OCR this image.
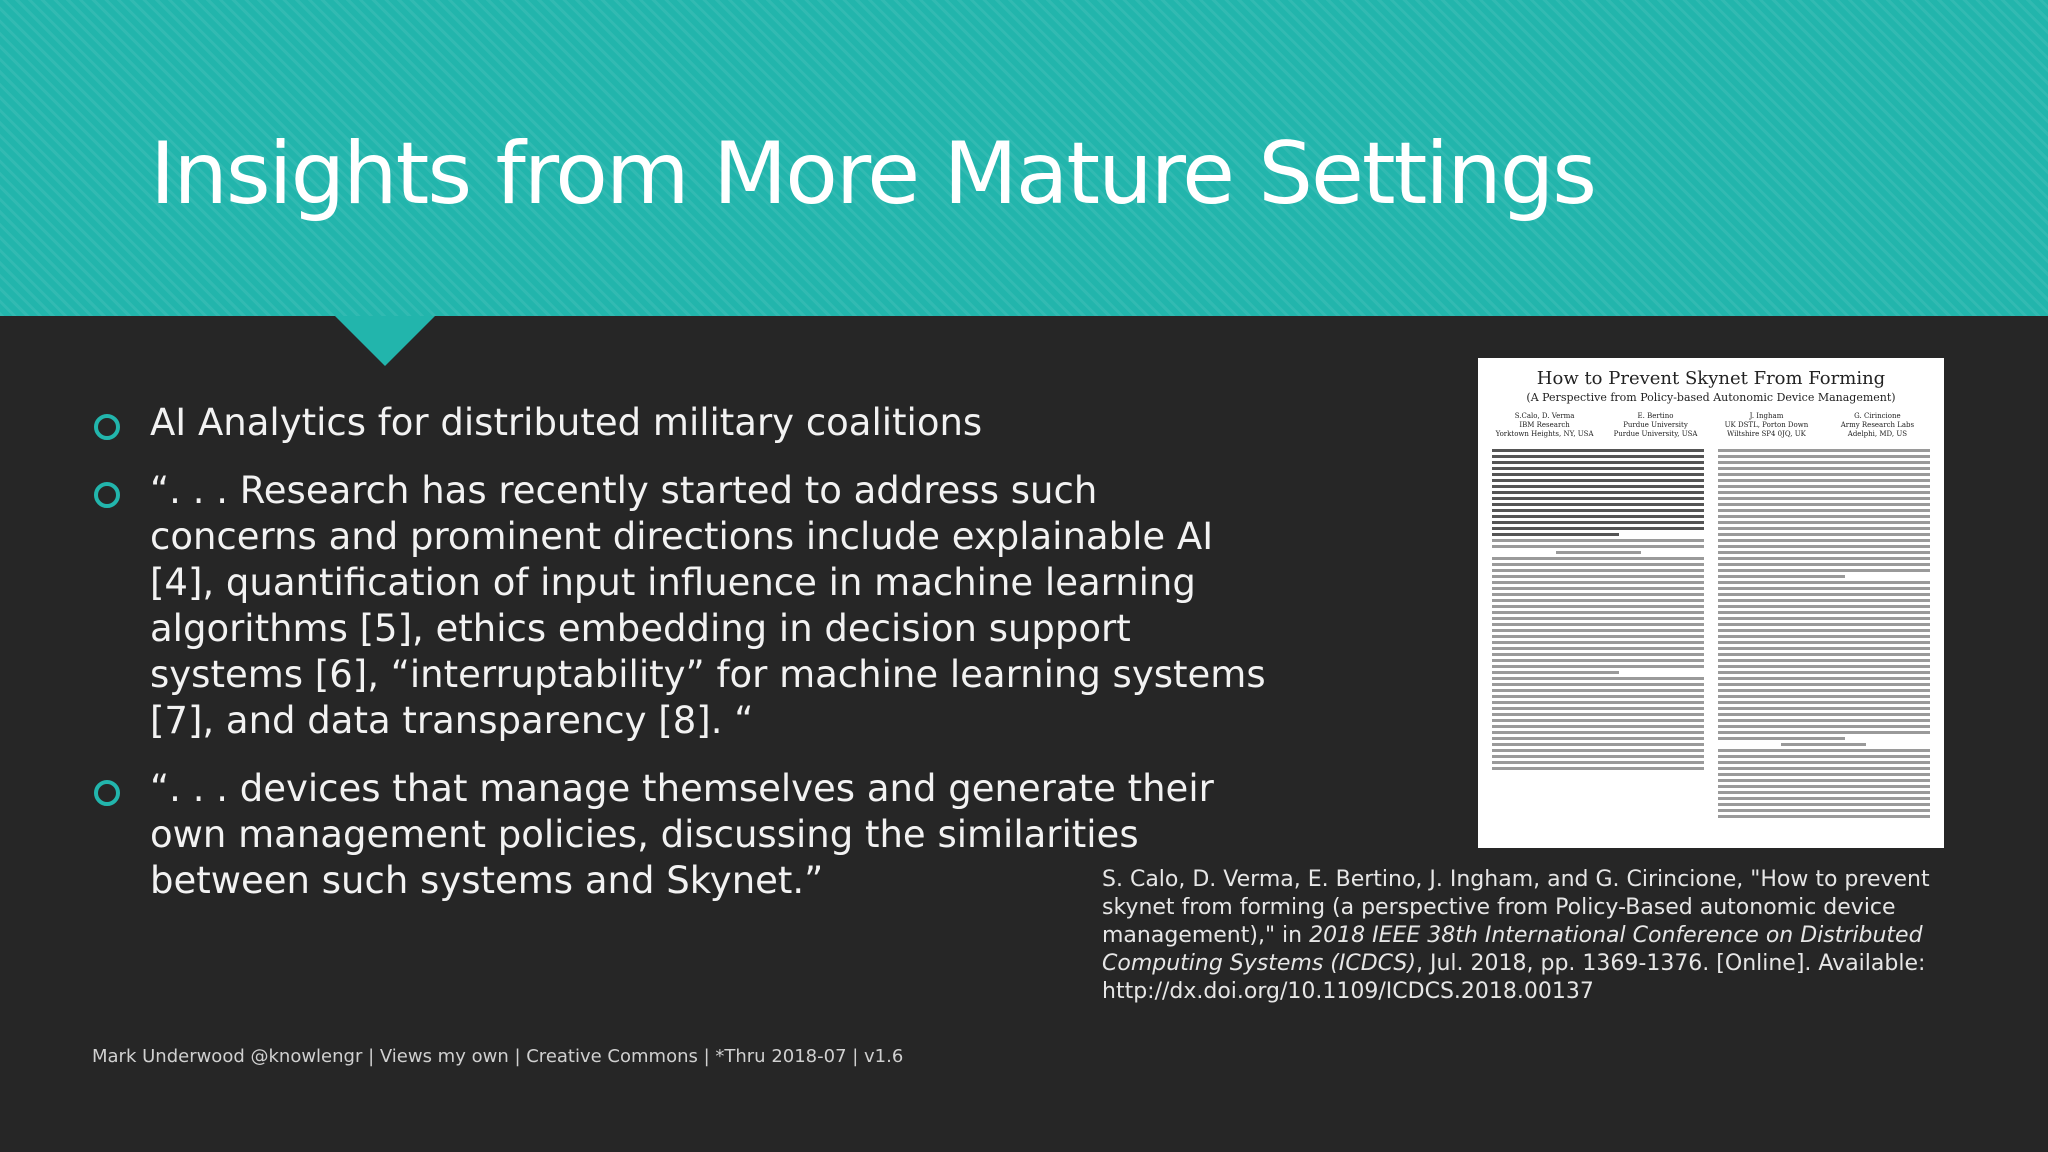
Insights from More Mature Settings
AI Analytics for distributed military coalitions
“. . . Research has recently started to address such concerns and prominent directions include explainable AI [4], quantification of input influence in machine learning algorithms [5], ethics embedding in decision support systems [6], “interruptability” for machine learning systems [7], and data transparency [8]. “
“. . . devices that manage themselves and generate their own management policies, discussing the similarities between such systems and Skynet.”

How to Prevent Skynet From Forming

(A Perspective from Policy-based Autonomic Device Management)

S.Calo, D. Verma
IBM Research
Yorktown Heights, NY, USA
E. Bertino
Purdue University
Purdue University, USA
J. Ingham
UK DSTL, Porton Down
Wiltshire SP4 0JQ, UK
G. Cirincione
Army Research Labs
Adelphi, MD, US

S. Calo, D. Verma, E. Bertino, J. Ingham, and G. Cirincione, "How to prevent skynet from forming (a perspective from Policy-Based autonomic device management)," in 2018 IEEE 38th International Conference on Distributed Computing Systems (ICDCS), Jul. 2018, pp. 1369-1376. [Online]. Available: http://dx.doi.org/10.1109/ICDCS.2018.00137

Mark Underwood @knowlengr | Views my own | Creative Commons | *Thru 2018-07 | v1.6
